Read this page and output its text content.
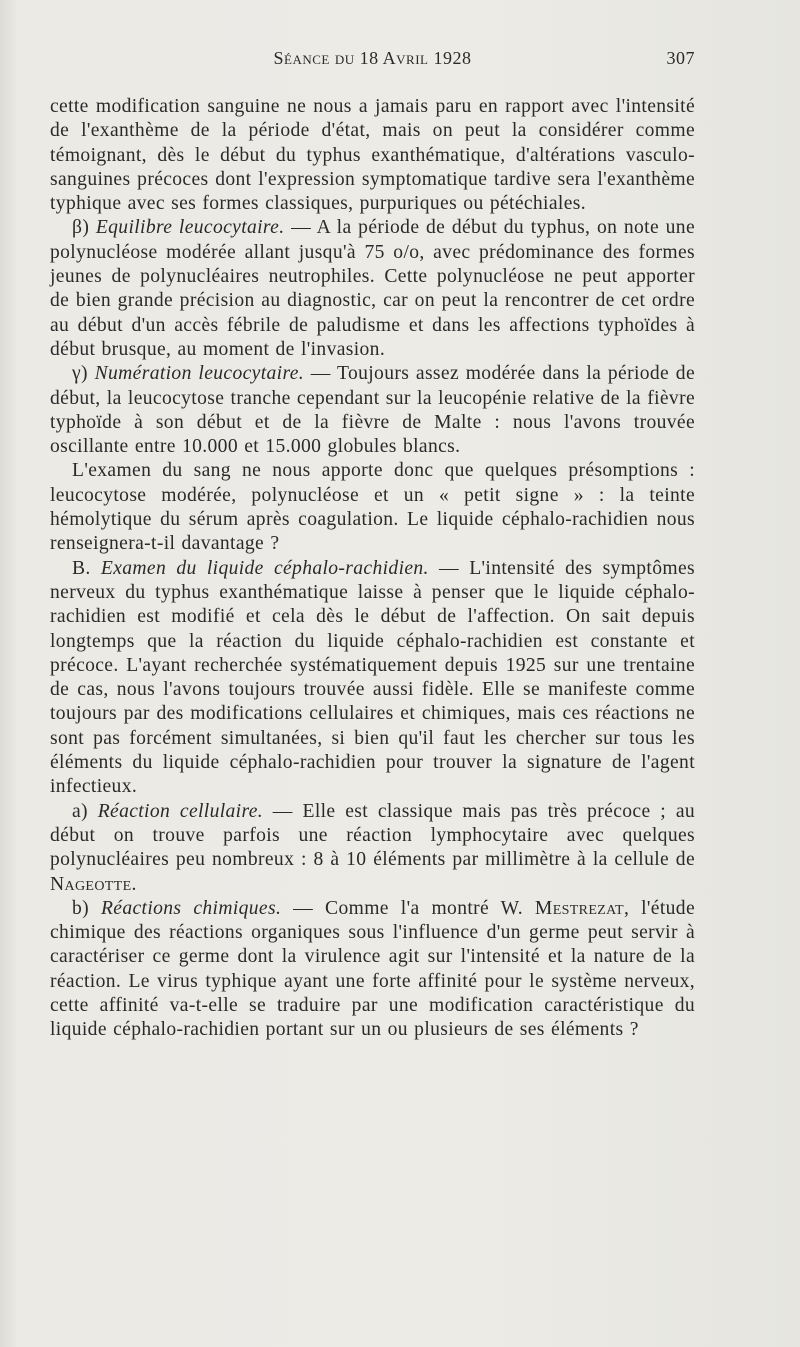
Séance du 18 Avril 1928	307

cette modification sanguine ne nous a jamais paru en rapport avec l'intensité de l'exanthème de la période d'état, mais on peut la considérer comme témoignant, dès le début du typhus exanthématique, d'altérations vasculo-sanguines précoces dont l'expression symptomatique tardive sera l'exanthème typhique avec ses formes classiques, purpuriques ou pétéchiales.

β) Equilibre leucocytaire. — A la période de début du typhus, on note une polynucléose modérée allant jusqu'à 75 o/o, avec prédominance des formes jeunes de polynucléaires neutrophiles. Cette polynucléose ne peut apporter de bien grande précision au diagnostic, car on peut la rencontrer de cet ordre au début d'un accès fébrile de paludisme et dans les affections typhoïdes à début brusque, au moment de l'invasion.

γ) Numération leucocytaire. — Toujours assez modérée dans la période de début, la leucocytose tranche cependant sur la leucopénie relative de la fièvre typhoïde à son début et de la fièvre de Malte : nous l'avons trouvée oscillante entre 10.000 et 15.000 globules blancs.

L'examen du sang ne nous apporte donc que quelques présomptions : leucocytose modérée, polynucléose et un « petit signe » : la teinte hémolytique du sérum après coagulation. Le liquide céphalo-rachidien nous renseignera-t-il davantage ?

B. Examen du liquide céphalo-rachidien. — L'intensité des symptômes nerveux du typhus exanthématique laisse à penser que le liquide céphalo-rachidien est modifié et cela dès le début de l'affection. On sait depuis longtemps que la réaction du liquide céphalo-rachidien est constante et précoce. L'ayant recherchée systématiquement depuis 1925 sur une trentaine de cas, nous l'avons toujours trouvée aussi fidèle. Elle se manifeste comme toujours par des modifications cellulaires et chimiques, mais ces réactions ne sont pas forcément simultanées, si bien qu'il faut les chercher sur tous les éléments du liquide céphalo-rachidien pour trouver la signature de l'agent infectieux.

a) Réaction cellulaire. — Elle est classique mais pas très précoce ; au début on trouve parfois une réaction lymphocytaire avec quelques polynucléaires peu nombreux : 8 à 10 éléments par millimètre à la cellule de Nageotte.

b) Réactions chimiques. — Comme l'a montré W. Mestrezat, l'étude chimique des réactions organiques sous l'influence d'un germe peut servir à caractériser ce germe dont la virulence agit sur l'intensité et la nature de la réaction. Le virus typhique ayant une forte affinité pour le système nerveux, cette affinité va-t-elle se traduire par une modification caractéristique du liquide céphalo-rachidien portant sur un ou plusieurs de ses éléments ?
